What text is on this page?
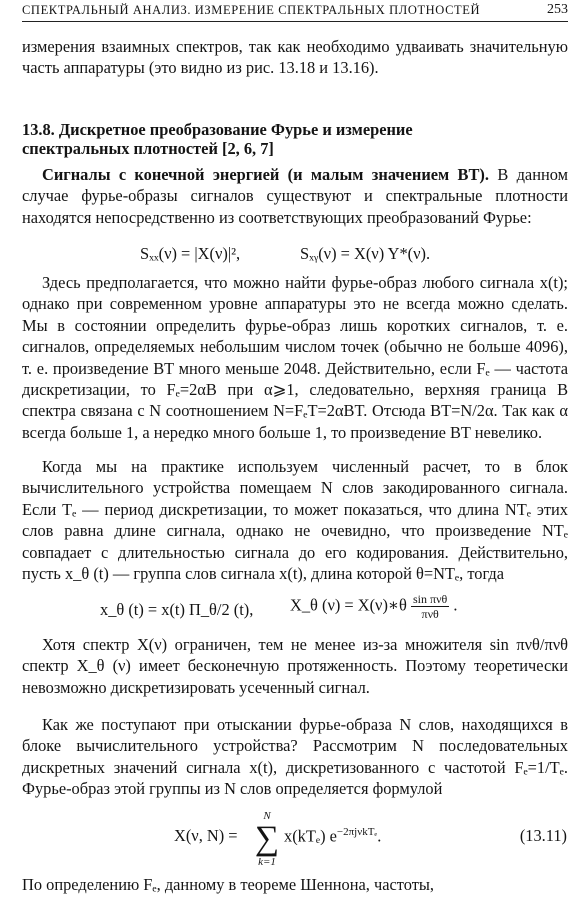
СПЕКТРАЛЬНЫЙ АНАЛИЗ. ИЗМЕРЕНИЕ СПЕКТРАЛЬНЫХ ПЛОТНОСТЕЙ	253

измерения взаимных спектров, так как необходимо удваивать значительную часть аппаратуры (это видно из рис. 13.18 и 13.16).

13.8. Дискретное преобразование Фурье и измерение спектральных плотностей [2, 6, 7]

Сигналы с конечной энергией (и малым значением BT). В данном случае фурье-образы сигналов существуют и спектральные плотности находятся непосредственно из соответствующих преобразований Фурье:

Sₓₓ(ν) = |X(ν)|²,	Sₓᵧ(ν) = X(ν) Y*(ν).

Здесь предполагается, что можно найти фурье-образ любого сигнала x(t); однако при современном уровне аппаратуры это не всегда можно сделать. Мы в состоянии определить фурье-образ лишь коротких сигналов, т. е. сигналов, определяемых небольшим числом точек (обычно не больше 4096), т. е. произведение BT много меньше 2048. Действительно, если Fₑ — частота дискретизации, то Fₑ=2αB при α⩾1, следовательно, верхняя граница B спектра связана с N соотношением N=FₑT=2αBT. Отсюда BT=N/2α. Так как α всегда больше 1, а нередко много больше 1, то произведение BT невелико.

Когда мы на практике используем численный расчет, то в блок вычислительного устройства помещаем N слов закодированного сигнала. Если Tₑ — период дискретизации, то может показаться, что длина NTₑ этих слов равна длине сигнала, однако не очевидно, что произведение NTₑ совпадает с длительностью сигнала до его кодирования. Действительно, пусть x_θ (t) — группа слов сигнала x(t), длина которой θ=NTₑ, тогда

x_θ (t) = x(t) Π_θ/2 (t), X_θ (ν) = X(ν)∗θ $\frac{\text{sin πνθ}}{\text{πνθ}}$ .

Хотя спектр X(ν) ограничен, тем не менее из-за множителя sin πνθ/πνθ спектр X_θ (ν) имеет бесконечную протяженность. Поэтому теоретически невозможно дискретизировать усеченный сигнал.

Как же поступают при отыскании фурье-образа N слов, находящихся в блоке вычислительного устройства? Рассмотрим N последовательных дискретных значений сигнала x(t), дискретизованного с частотой Fₑ=1/Tₑ. Фурье-образ этой группы из N слов определяется формулой

X(ν, N) =
N
∑
k=1
x(kTₑ) $e^{-2\pi j\nu kT_e}$.	(13.11)

По определению Fₑ, данному в теореме Шеннона, частоты,
